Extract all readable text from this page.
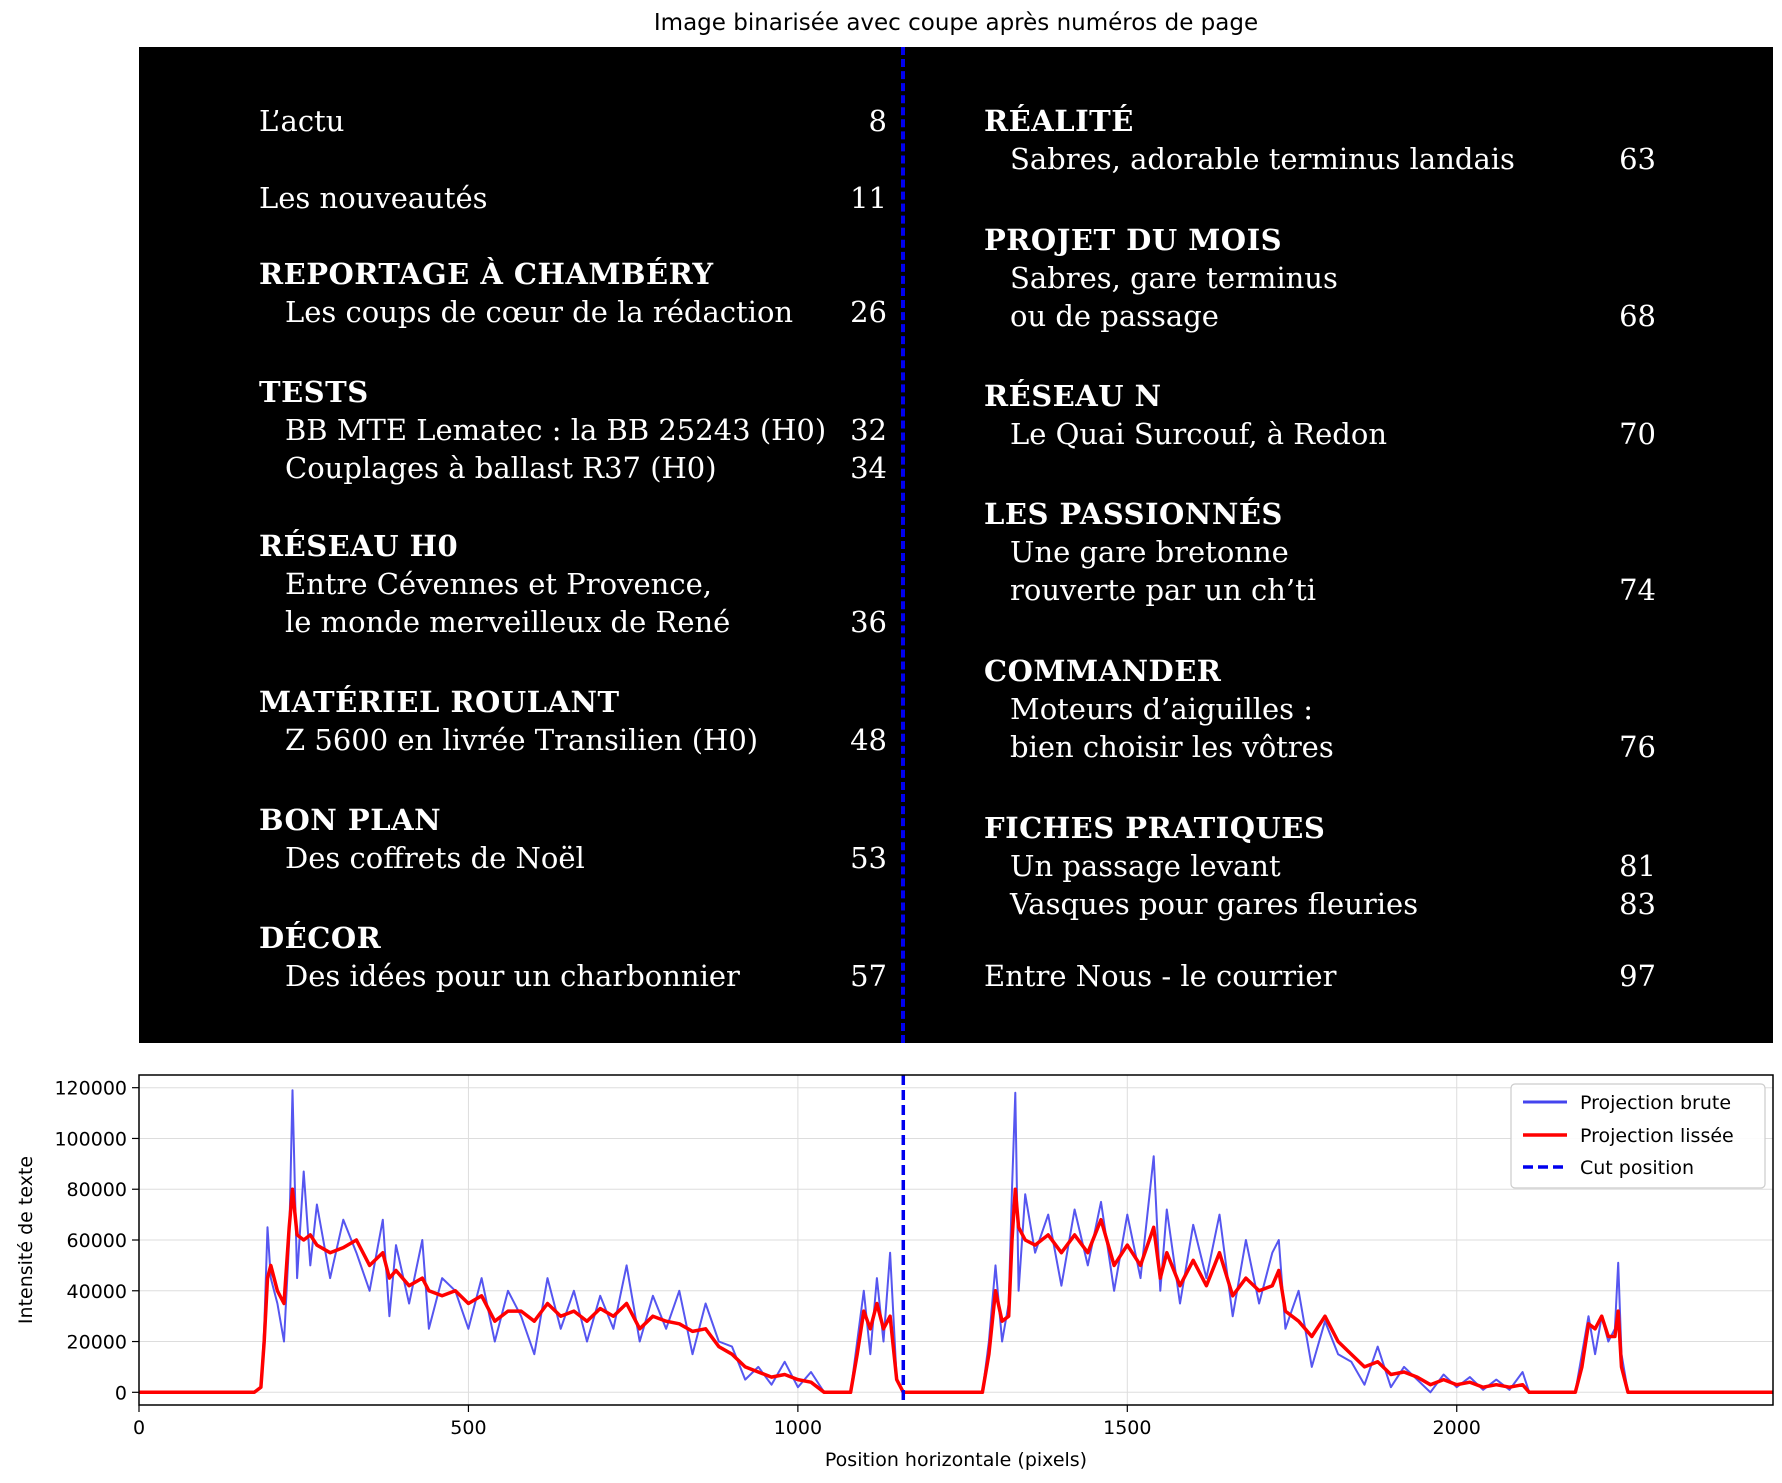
Image binarisée avec coupe après numéros de page
L’actu	8
Les nouveautés	11
REPORTAGE À CHAMBÉRY
Les coups de cœur de la rédaction 26
TESTS
BB MTE Lematec : la BB 25243 (H0) 32
Couplages à ballast R37 (H0)	34
RÉSEAU H0
Entre Cévennes et Provence,
le monde merveilleux de René	36
MATÉRIEL ROULANT
Z 5600 en livrée Transilien (H0)	48
BON PLAN
Des coffrets de Noël	53
DÉCOR
Des idées pour un charbonnier	57
RÉALITÉ
Sabres, adorable terminus landais	63
PROJET DU MOIS
Sabres, gare terminus
ou de passage	68
RÉSEAU N
Le Quai Surcouf, à Redon	70
LES PASSIONNÉS
Une gare bretonne
rouverte par un ch’ti	74
COMMANDER
Moteurs d’aiguilles :
bien choisir les vôtres	76
FICHES PRATIQUES
Un passage levant	81
Vasques pour gares fleuries	83
Entre Nous - le courrier	97
0	500	1000	1500	2000
0
20000
40000
60000
80000
100000
120000
Position horizontale (pixels)
Intensité de texte
Projection brute
Projection lissée
Cut position
